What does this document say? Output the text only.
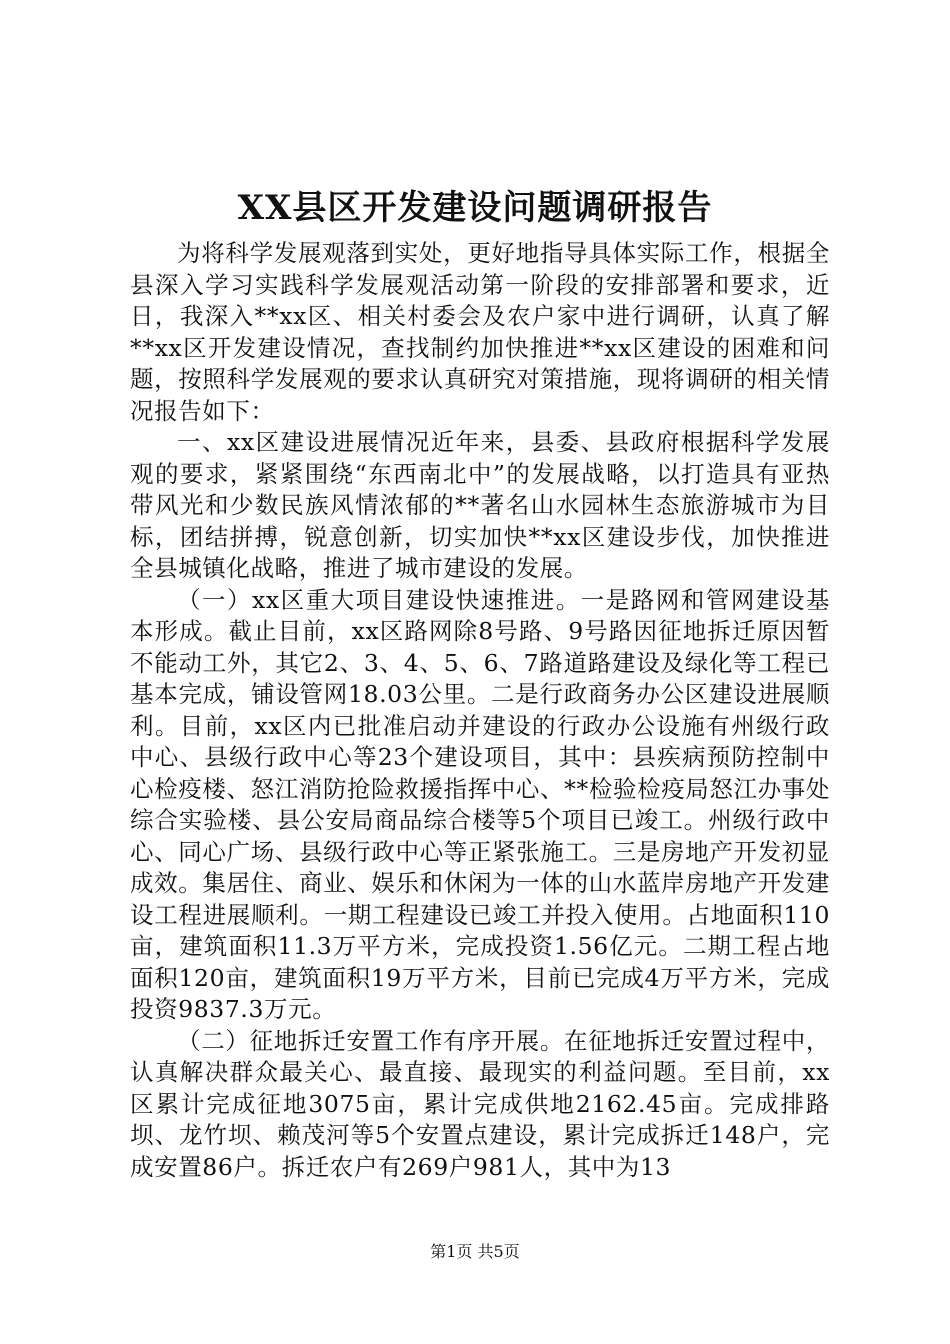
XX县区开发建设问题调研报告

为将科学发展观落到实处，更好地指导具体实际工作，根据全县深入学习实践科学发展观活动第一阶段的安排部署和要求，近日，我深入**xx区、相关村委会及农户家中进行调研，认真了解**xx区开发建设情况，查找制约加快推进**xx区建设的困难和问题，按照科学发展观的要求认真研究对策措施，现将调研的相关情况报告如下：

一、xx区建设进展情况近年来，县委、县政府根据科学发展观的要求，紧紧围绕“东西南北中”的发展战略，以打造具有亚热带风光和少数民族风情浓郁的**著名山水园林生态旅游城市为目标，团结拼搏，锐意创新，切实加快**xx区建设步伐，加快推进全县城镇化战略，推进了城市建设的发展。

（一）xx区重大项目建设快速推进。一是路网和管网建设基本形成。截止目前，xx区路网除8号路、9号路因征地拆迁原因暂不能动工外，其它2、3、4、5、6、7路道路建设及绿化等工程已基本完成，铺设管网18.03公里。二是行政商务办公区建设进展顺利。目前，xx区内已批准启动并建设的行政办公设施有州级行政中心、县级行政中心等23个建设项目，其中：县疾病预防控制中心检疫楼、怒江消防抢险救援指挥中心、**检验检疫局怒江办事处综合实验楼、县公安局商品综合楼等5个项目已竣工。州级行政中心、同心广场、县级行政中心等正紧张施工。三是房地产开发初显成效。集居住、商业、娱乐和休闲为一体的山水蓝岸房地产开发建设工程进展顺利。一期工程建设已竣工并投入使用。占地面积110亩，建筑面积11.3万平方米，完成投资1.56亿元。二期工程占地面积120亩，建筑面积19万平方米，目前已完成4万平方米，完成投资9837.3万元。

（二）征地拆迁安置工作有序开展。在征地拆迁安置过程中，认真解决群众最关心、最直接、最现实的利益问题。至目前，xx区累计完成征地3075亩，累计完成供地2162.45亩。完成排路坝、龙竹坝、赖茂河等5个安置点建设，累计完成拆迁148户，完成安置86户。拆迁农户有269户981人，其中为13

第1页 共5页
